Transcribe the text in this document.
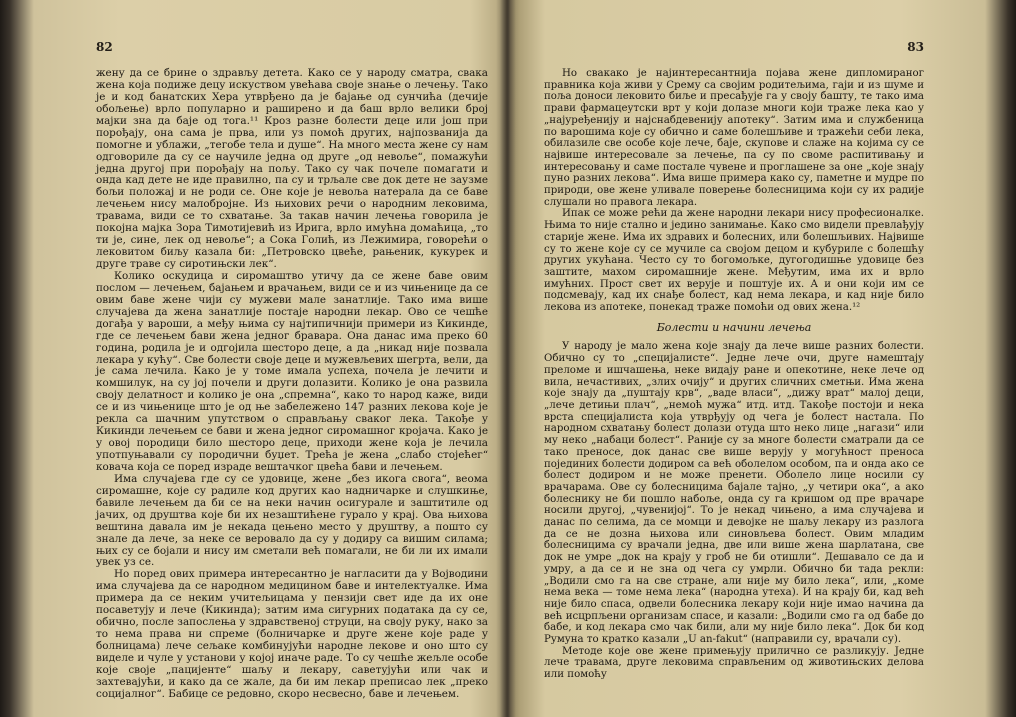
82

жену да се брине о здрављу детета. Како се у народу сматра, свака жена која подиже децу искуством увећава своје знање о лечењу. Тако је и код банатских Хера утврђено да је бајање од сунчића (дечије обољење) врло популарно и раширено и да баш врло велики број мајки зна да баје од тога.¹¹ Кроз разне болести деце или још при порођају, она сама је прва, или уз помоћ других, најпозванија да помогне и ублажи, „тегобе тела и душе“. На много места жене су нам одговориле да су се научиле једна од друге „од невоље“, помажући једна другој при порођају на пољу. Тако су чак почеле помагати и онда кад дете не иде правилно, па су и трљале све док дете не заузме бољи положај и не роди се. Оне које је невоља натерала да се баве лечењем нису малобројне. Из њихових речи о народним лековима, травама, види се то схватање. За такав начин лечења говорила је покојна мајка Зора Тимотијевић из Ирига, врло имућна домаћица, „то ти је, сине, лек од невоље“; а Сока Голић, из Лежимира, говорећи о лековитом биљу казала би: „Петровско цвеће, рањеник, кукурек и друге траве су сиротињски лек“.

Колико оскудица и сиромаштво утичу да се жене баве овим послом — лечењем, бајањем и врачањем, види се и из чињенице да се овим баве жене чији су мужеви мале занатлије. Тако има више случајева да жена занатлије постаје народни лекар. Ово се чешће догађа у вароши, а међу њима су најтипичнији примери из Кикинде, где се лечењем бави жена једног бравара. Она данас има преко 60 година, родила је и одгојила шесторо деце, а да „никад није позвала лекара у кућу“. Све болести своје деце и мужевљевих шегрта, вели, да је сама лечила. Како је у томе имала успеха, почела је лечити и комшилук, на су јој почели и други долазити. Колико је она развила своју делатност и колико је она „спремна“, како то народ каже, види се и из чињенице што је од ње забележено 147 разних лекова које је рекла са шачним упутством о справљању сваког лека. Такође у Кикинди лечењем се бави и жена једног сиромашног кројача. Како је у овој породици било шесторо деце, приходи жене која је лечила употпуњавали су породични буџет. Трећа је жена „слабо стојећег“ ковача која се поред израде вештачког цвећа бави и лечењем.

Има случајева где су се удовице, жене „без икога свога“, веома сиромашне, које су радиле код других као надничарке и слушкиње, бавиле лечењем да би се на неки начин осигурале и заштитиле од јачих, од друштва које би их незаштићене гурало у крај. Ова њихова вештина давала им је некада цењено место у друштву, а пошто су знале да лече, за неке се веровало да су у додиру са вишим силама; њих су се бојали и нису им сметали већ помагали, не би ли их имали увек уз се.

Но поред ових примера интересантно је нагласити да у Војводини има случајева да се народном медицином баве и интелектуалке. Има примера да се неким учитељицама у пензији свет иде да их оне посаветују и лече (Кикинда); затим има сигурних података да су се, обично, после запослења у здравственој струци, на своју руку, нако за то нема права ни спреме (болничарке и друге жене које раде у болницама) лече сељаке комбинујући народне лекове и оно што су виделе и чуле у установи у којој иначе раде. То су чешће жељле особе које своје „пацијенте“ шаљу и лекару, саветујући или чак и захтевајући, и како да се жале, да би им лекар преписао лек „преко социјалног“. Бабице се редовно, скоро несвесно, баве и лечењем.

83

Но свакако је најинтересантнија појава жене дипломираног правника која живи у Срему са својим родитељима, гаји и из шуме и поља доноси лековито биље и пресађује га у своју башту, те тако има прави фармацеутски врт у који долазе многи који траже лека као у „најуређенију и најснабдевенију апотеку“. Затим има и службеница по варошима које су обично и саме болешљиве и тражећи себи лека, обилазиле све особе које лече, баје, скупове и слаже на којима су се највише интересовале за лечење, па су по своме распитивању и интересовању и саме постале чувене и проглашене за оне „које знају пуно разних лекова“. Има више примера како су, паметне и мудре по природи, ове жене уливале поверење болесницима који су их радије слушали но правога лекара.

Ипак се може рећи да жене народни лекари нису професионалке. Њима то није стално и једино занимање. Како смо видели превлађују старије жене. Има их здравих и болесних, или болешљивих. Највише су то жене које су се мучиле са својом децом и кубуриле с болешћу других укућана. Често су то богомољке, дугогодишње удовице без заштите, махом сиромашније жене. Међутим, има их и врло имућних. Прост свет их верује и поштује их. А и они који им се подсмевају, кад их снађе болест, кад нема лекара, и кад није било лекова из апотеке, понекад траже помоћи од ових жена.¹²

Болести и начини лечења

У народу је мало жена које знају да лече више разних болести. Обично су то „специјалисте“. Једне лече очи, друге намештају преломе и ишчашења, неке видају ране и опекотине, неке лече од вила, нечастивих, „злих очију“ и других сличних сметњи. Има жена које знају да „пуштају крв“, „ваде власи“, „дижу врат“ малој деци, „лече детињи плач“, „немоћ мужа“ итд. итд. Такође постоји и нека врста специјалиста која утврђују од чега је болест настала. По народном схватању болест долази отуда што неко лице „нагази“ или му неко „набаци болест“. Раније су за многе болести сматрали да се тако преносе, док данас све више верују у могућност преноса појединих болести додиром са већ оболелом особом, па и онда ако се болест додиром и не може пренети. Оболело лице носили су врачарама. Ове су болесницима бајале тајно, „у четири ока“, а ако болеснику не би пошло набоље, онда су га кришом од пре врачаре носили другој, „чувенијој“. То је некад чињено, а има случајева и данас по селима, да се момци и девојке не шаљу лекару из разлога да се не дозна њихова или синовљева болест. Овим младим болесницима су врачали једна, две или више жена шарлатана, све док не умре „док на крају у гроб не би отишли“. Дешавало се да и умру, а да се и не зна од чега су умрли. Обично би тада рекли: „Водили смо га на све стране, али није му било лека“, или, „коме нема века — томе нема лека“ (народна утеха). И на крају би, кад веh није било спаса, одвели болесника лекару који није имао начина да већ исцрпљени организам спасе, и казали: „Водили смо га од бабе до бабе, и код лекара смо чак били, али му није било лека“. Док би код Румуна то кратко казали „U an-fakut“ (направили су, врачали су).

Методе које ове жене примењују прилично се разликују. Једне лече травама, друге лековима справљеним од животињских делова или помоћу
